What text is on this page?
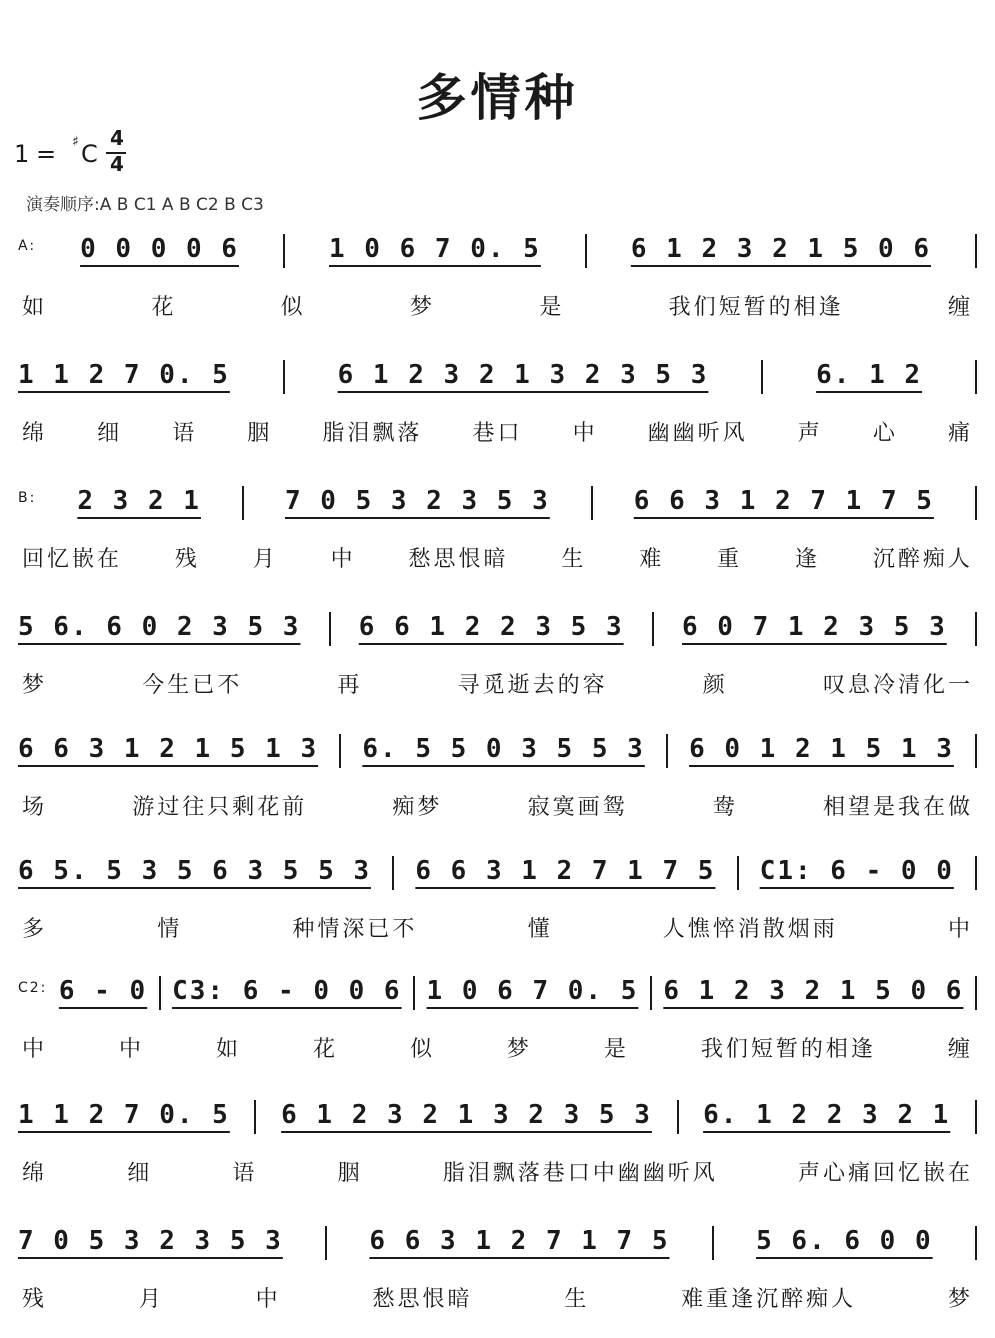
多情种
1 = ♯ C
4
4
演奏顺序:A B C1 A B C2 B C3
A: 0 0 0 0 6	1 0 6 7 0. 5	6 1 2 3 2 1 5 0 6
如	花	似	梦	是	我们短暂的相逢	缠
1 1 2 7 0. 5	6 1 2 3 2 1 3 2 3 5 3	6. 1 2
绵 细 语 胭 脂泪飘落 巷口 中 幽幽听风 声 心 痛
B: 2 3 2 1	7 0 5 3 2 3 5 3	6 6 3 1 2 7 1 7 5
回忆嵌在 残 月 中 愁思恨暗 生 难 重 逢 沉醉痴人
5 6. 6 0 2 3 5 3 6 6 1 2 2 3 5 3 6 0 7 1 2 3 5 3
梦	今生已不	再	寻觅逝去的容	颜	叹息冷清化一
6 6 3 1 2 1 5 1 3 6. 5 5 0 3 5 5 3 6 0 1 2 1 5 1 3
场	游过往只剩花前	痴梦	寂寞画鸳	鸯	相望是我在做
6 5. 5 3 5 6 3 5 5 3 6 6 3 1 2 7 1 7 5 C1: 6 - 0 0
多	情	种情深已不	懂	人憔悴消散烟雨	中
C2: 6 - 0 C3: 6 - 0 0 6 1 0 6 7 0. 5 6 1 2 3 2 1 5 0 6
中	中	如	花	似	梦	是	我们短暂的相逢	缠
1 1 2 7 0. 5 6 1 2 3 2 1 3 2 3 5 3 6. 1 2 2 3 2 1
绵	细	语	胭	脂泪飘落巷口中幽幽听风	声心痛回忆嵌在
7 0 5 3 2 3 5 3	6 6 3 1 2 7 1 7 5	5 6. 6 0 0
残	月	中	愁思恨暗	生	难重逢沉醉痴人	梦
